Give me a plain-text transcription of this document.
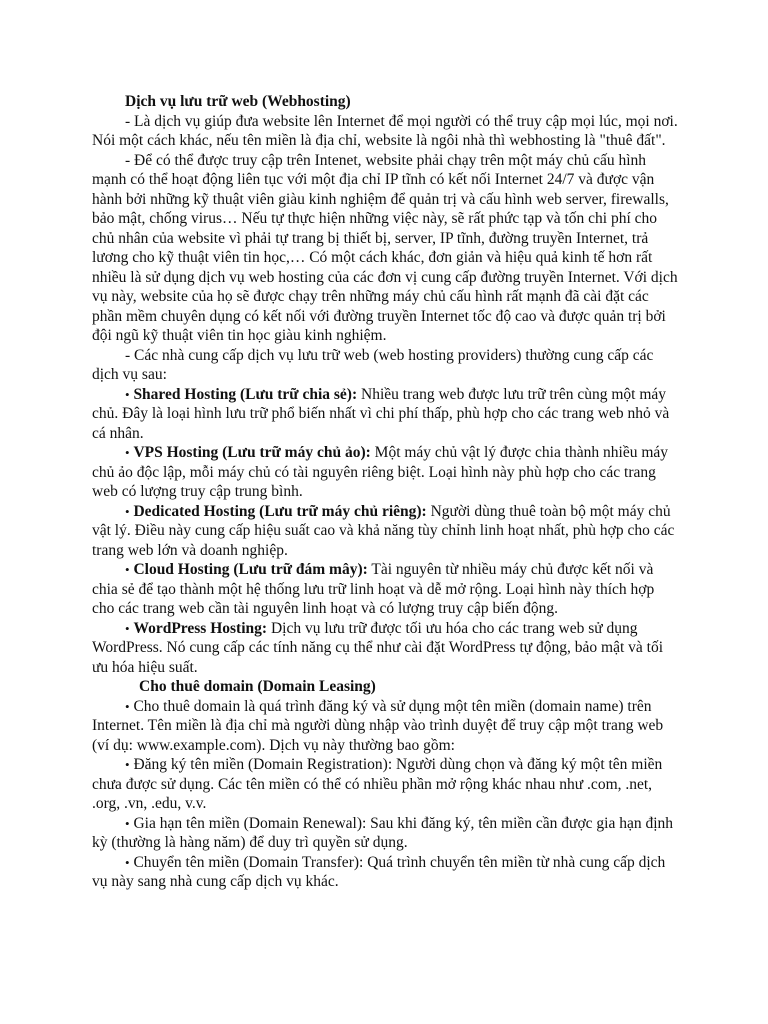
Dịch vụ lưu trữ web (Webhosting)

- Là dịch vụ giúp đưa website lên Internet để mọi người có thể truy cập mọi lúc, mọi nơi. Nói một cách khác, nếu tên miền là địa chỉ, website là ngôi nhà thì webhosting là "thuê đất".

- Để có thể được truy cập trên Intenet, website phải chạy trên một máy chủ cấu hình mạnh có thể hoạt động liên tục với một địa chỉ IP tĩnh có kết nối Internet 24/7 và được vận hành bởi những kỹ thuật viên giàu kinh nghiệm để quản trị và cấu hình web server, firewalls, bảo mật, chống virus… Nếu tự thực hiện những việc này, sẽ rất phức tạp và tốn chi phí cho chủ nhân của website vì phải tự trang bị thiết bị, server, IP tĩnh, đường truyền Internet, trả lương cho kỹ thuật viên tin học,… Có một cách khác, đơn giản và hiệu quả kinh tế hơn rất nhiều là sử dụng dịch vụ web hosting của các đơn vị cung cấp đường truyền Internet. Với dịch vụ này, website của họ sẽ được chạy trên những máy chủ cấu hình rất mạnh đã cài đặt các phần mềm chuyên dụng có kết nối với đường truyền Internet tốc độ cao và được quản trị bởi đội ngũ kỹ thuật viên tin học giàu kinh nghiệm.

- Các nhà cung cấp dịch vụ lưu trữ web (web hosting providers) thường cung cấp các dịch vụ sau:

• Shared Hosting (Lưu trữ chia sẻ): Nhiều trang web được lưu trữ trên cùng một máy chủ. Đây là loại hình lưu trữ phổ biến nhất vì chi phí thấp, phù hợp cho các trang web nhỏ và cá nhân.

• VPS Hosting (Lưu trữ máy chủ ảo): Một máy chủ vật lý được chia thành nhiều máy chủ ảo độc lập, mỗi máy chủ có tài nguyên riêng biệt. Loại hình này phù hợp cho các trang web có lượng truy cập trung bình.

• Dedicated Hosting (Lưu trữ máy chủ riêng): Người dùng thuê toàn bộ một máy chủ vật lý. Điều này cung cấp hiệu suất cao và khả năng tùy chỉnh linh hoạt nhất, phù hợp cho các trang web lớn và doanh nghiệp.

• Cloud Hosting (Lưu trữ đám mây): Tài nguyên từ nhiều máy chủ được kết nối và chia sẻ để tạo thành một hệ thống lưu trữ linh hoạt và dễ mở rộng. Loại hình này thích hợp cho các trang web cần tài nguyên linh hoạt và có lượng truy cập biến động.

• WordPress Hosting: Dịch vụ lưu trữ được tối ưu hóa cho các trang web sử dụng WordPress. Nó cung cấp các tính năng cụ thể như cài đặt WordPress tự động, bảo mật và tối ưu hóa hiệu suất.

Cho thuê domain (Domain Leasing)

• Cho thuê domain là quá trình đăng ký và sử dụng một tên miền (domain name) trên Internet. Tên miền là địa chỉ mà người dùng nhập vào trình duyệt để truy cập một trang web (ví dụ: www.example.com). Dịch vụ này thường bao gồm:

• Đăng ký tên miền (Domain Registration): Người dùng chọn và đăng ký một tên miền chưa được sử dụng. Các tên miền có thể có nhiều phần mở rộng khác nhau như .com, .net, .org, .vn, .edu, v.v.

• Gia hạn tên miền (Domain Renewal): Sau khi đăng ký, tên miền cần được gia hạn định kỳ (thường là hàng năm) để duy trì quyền sử dụng.

• Chuyển tên miền (Domain Transfer): Quá trình chuyển tên miền từ nhà cung cấp dịch vụ này sang nhà cung cấp dịch vụ khác.
